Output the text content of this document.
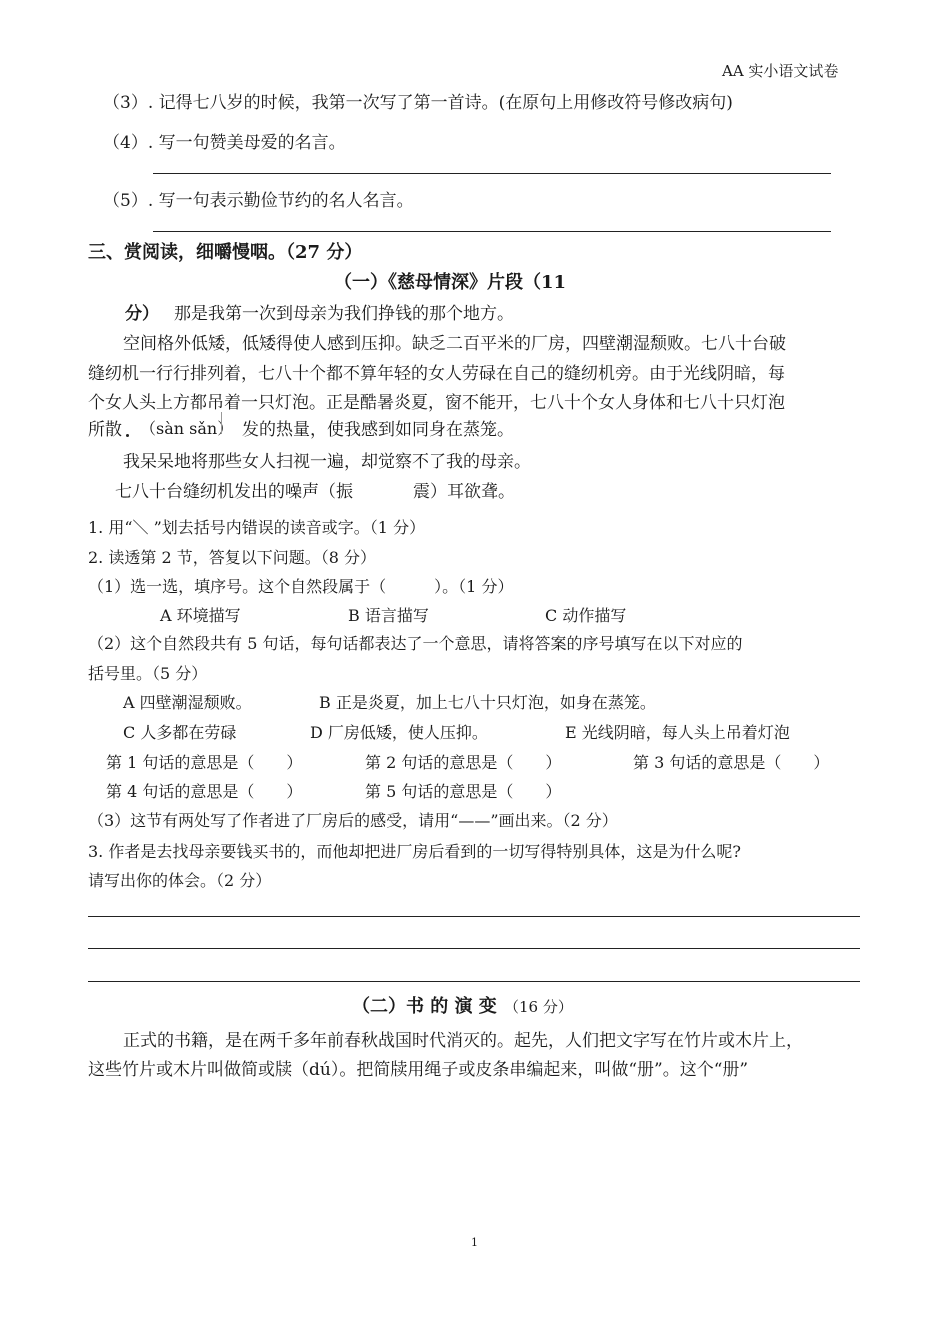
AA 实小语文试卷
（3）. 记得七八岁的时候，我第一次写了第一首诗。(在原句上用修改符号修改病句)
（4）. 写一句赞美母爱的名言。
（5）. 写一句表示勤俭节约的名人名言。
三、赏阅读，细嚼慢咽。（27 分）
（一）《慈母情深》片段（11
分） 那是我第一次到母亲为我们挣钱的那个地方。
空间格外低矮，低矮得使人感到压抑。缺乏二百平米的厂房，四壁潮湿颓败。七八十台破
缝纫机一行行排列着，七八十个都不算年轻的女人劳碌在自己的缝纫机旁。由于光线阴暗，每
个女人头上方都吊着一只灯泡。正是酷暑炎夏，窗不能开，七八十个女人身体和七八十只灯泡
所散 （sàn sǎn） 发的热量，使我感到如同身在蒸笼。
我呆呆地将那些女人扫视一遍，却觉察不了我的母亲。
七八十台缝纫机发出的噪声（振	震）耳欲聋。
1. 用“＼ ”划去括号内错误的读音或字。（1 分）
2. 读透第 2 节，答复以下问题。（8 分）
（1）选一选，填序号。这个自然段属于（　　　）。（1 分）
A 环境描写	B 语言描写	C 动作描写
（2）这个自然段共有 5 句话，每句话都表达了一个意思，请将答案的序号填写在以下对应的
括号里。（5 分）
A 四壁潮湿颓败。	B 正是炎夏，加上七八十只灯泡，如身在蒸笼。
C 人多都在劳碌	D 厂房低矮，使人压抑。	E 光线阴暗，每人头上吊着灯泡
第 1 句话的意思是（　　）	第 2 句话的意思是（　　）	第 3 句话的意思是（　　）
第 4 句话的意思是（　　）	第 5 句话的意思是（　　）
（3）这节有两处写了作者进了厂房后的感受，请用“——”画出来。（2 分）
3. 作者是去找母亲要钱买书的，而他却把进厂房后看到的一切写得特别具体，这是为什么呢?
请写出你的体会。（2 分）
（二）书 的 演 变 （16 分）
正式的书籍，是在两千多年前春秋战国时代消灭的。起先，人们把文字写在竹片或木片上，
这些竹片或木片叫做简或牍（dú）。把简牍用绳子或皮条串编起来，叫做“册”。这个“册”
1
